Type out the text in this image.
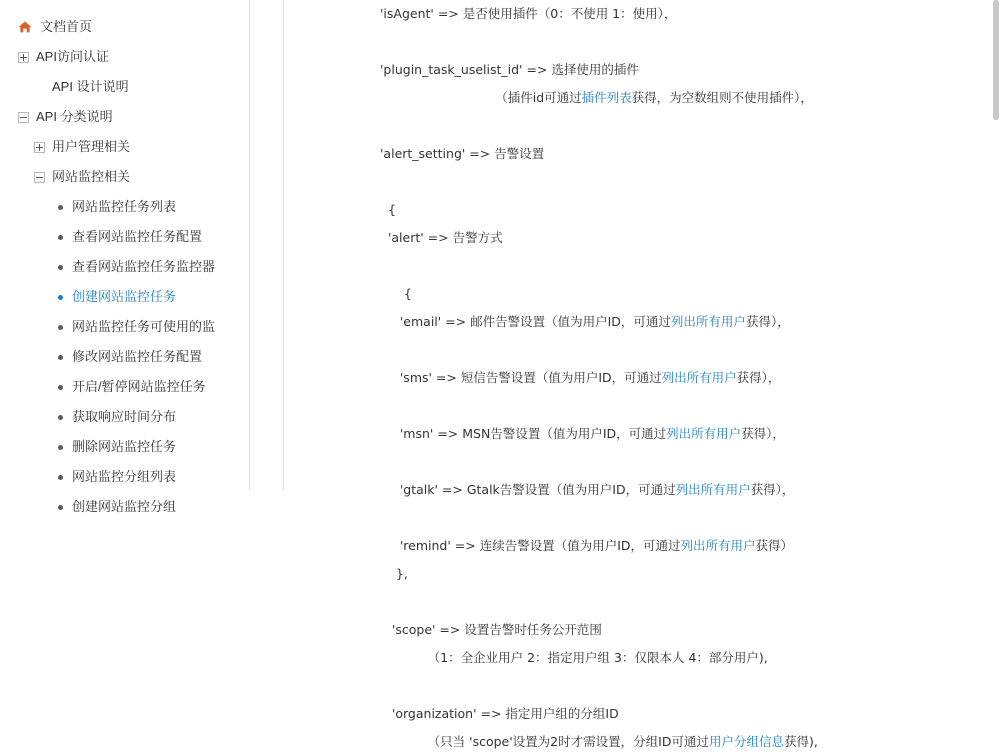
文档首页
API访问认证
API 设计说明
API 分类说明
用户管理相关
网站监控相关
网站监控任务列表
查看网站监控任务配置
查看网站监控任务监控器
创建网站监控任务
网站监控任务可使用的监
修改网站监控任务配置
开启/暂停网站监控任务
获取响应时间分布
删除网站监控任务
网站监控分组列表
创建网站监控分组
'isAgent' => 是否使用插件（0：不使用 1：使用），
'plugin_task_uselist_id' => 选择使用的插件
（插件id可通过插件列表获得，为空数组则不使用插件），
'alert_setting' => 告警设置
{
'alert' => 告警方式
{
'email' => 邮件告警设置（值为用户ID，可通过列出所有用户获得），
'sms' => 短信告警设置（值为用户ID，可通过列出所有用户获得），
'msn' => MSN告警设置（值为用户ID，可通过列出所有用户获得），
'gtalk' => Gtalk告警设置（值为用户ID，可通过列出所有用户获得），
'remind' => 连续告警设置（值为用户ID，可通过列出所有用户获得）
},
'scope' => 设置告警时任务公开范围
（1：全企业用户 2：指定用户组 3：仅限本人 4：部分用户),
'organization' => 指定用户组的分组ID
（只当 'scope'设置为2时才需设置，分组ID可通过用户分组信息获得),
